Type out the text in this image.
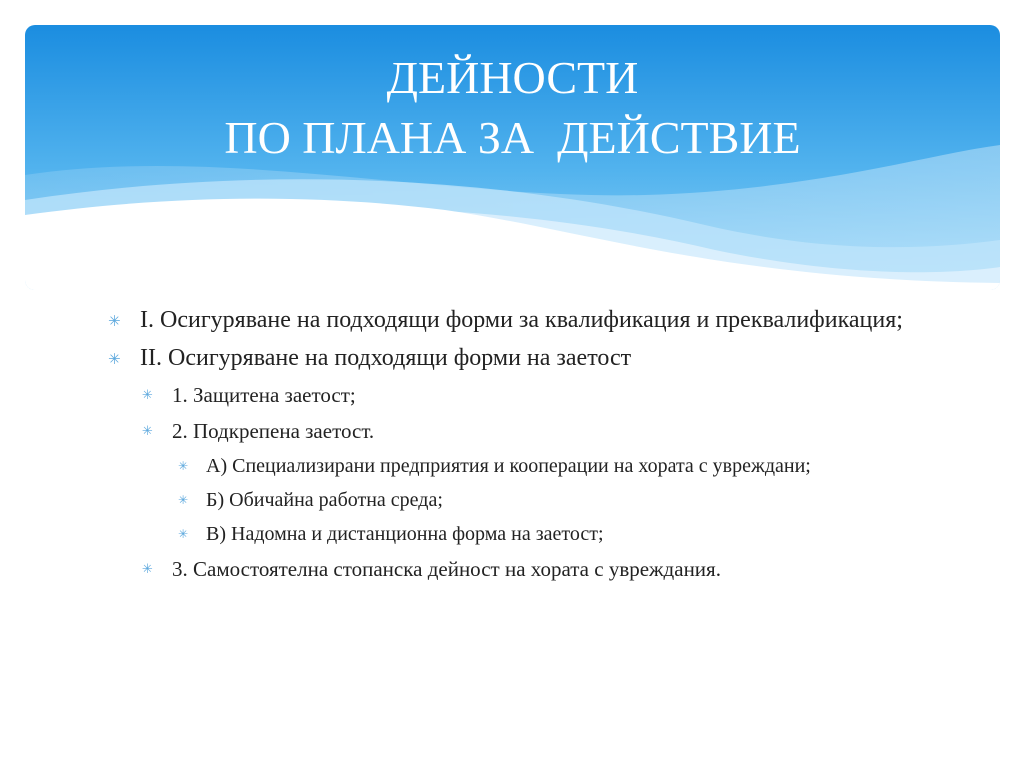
ДЕЙНОСТИ
ПО ПЛАНА ЗА  ДЕЙСТВИЕ

✳ I. Осигуряване на подходящи форми за квалификация и преквалификация;

✳ II. Осигуряване на подходящи форми на заетост

✳ 1. Защитена заетост;

✳ 2. Подкрепена заетост.

✳ А) Специализирани предприятия и кооперации на хората с увреждани;

✳ Б) Обичайна работна среда;

✳ В) Надомна и дистанционна форма на заетост;

✳ 3. Самостоятелна стопанска дейност на хората с увреждания.
